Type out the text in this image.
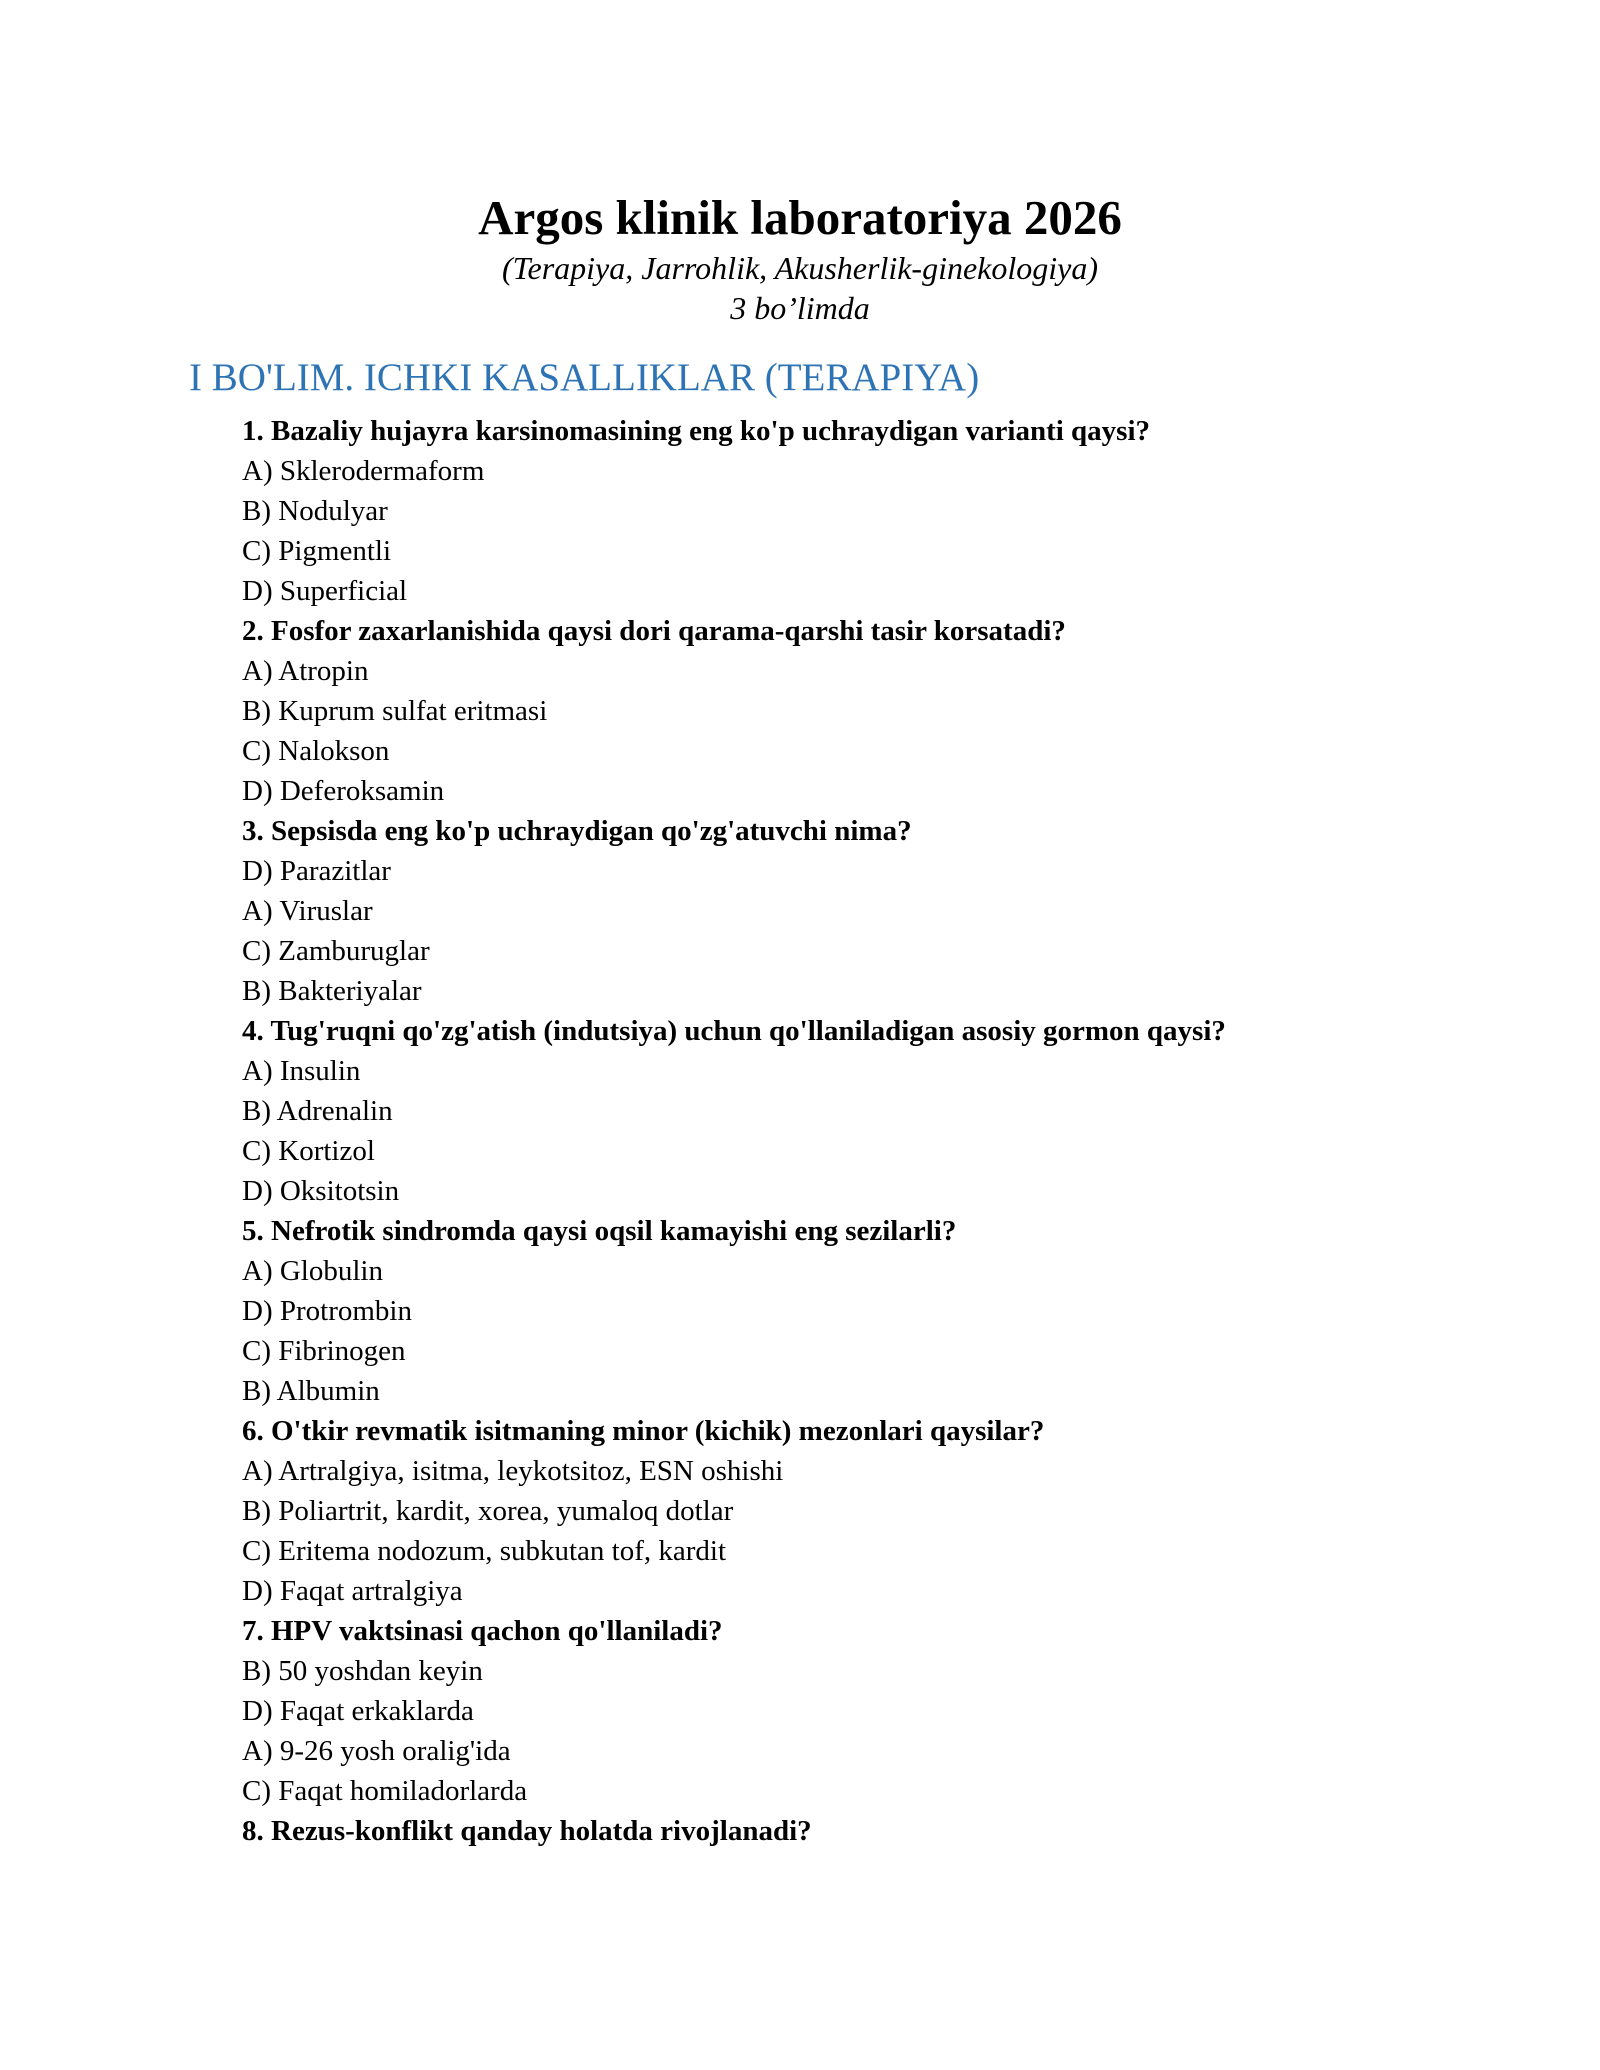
Argos klinik laboratoriya 2026
(Terapiya, Jarrohlik, Akusherlik-ginekologiya)
3 bo’limda
I BO'LIM. ICHKI KASALLIKLAR (TERAPIYA)

1. Bazaliy hujayra karsinomasining eng ko'p uchraydigan varianti qaysi?

A) Sklerodermaform

B) Nodulyar

C) Pigmentli

D) Superficial

2. Fosfor zaxarlanishida qaysi dori qarama-qarshi tasir korsatadi?

A) Atropin

B) Kuprum sulfat eritmasi

C) Nalokson

D) Deferoksamin

3. Sepsisda eng ko'p uchraydigan qo'zg'atuvchi nima?

D) Parazitlar

A) Viruslar

C) Zamburuglar

B) Bakteriyalar

4. Tug'ruqni qo'zg'atish (indutsiya) uchun qo'llaniladigan asosiy gormon qaysi?

A) Insulin

B) Adrenalin

C) Kortizol

D) Oksitotsin

5. Nefrotik sindromda qaysi oqsil kamayishi eng sezilarli?

A) Globulin

D) Protrombin

C) Fibrinogen

B) Albumin

6. O'tkir revmatik isitmaning minor (kichik) mezonlari qaysilar?

A) Artralgiya, isitma, leykotsitoz, ESN oshishi

B) Poliartrit, kardit, xorea, yumaloq dotlar

C) Eritema nodozum, subkutan tof, kardit

D) Faqat artralgiya

7. HPV vaktsinasi qachon qo'llaniladi?

B) 50 yoshdan keyin

D) Faqat erkaklarda

A) 9-26 yosh oralig'ida

C) Faqat homiladorlarda

8. Rezus-konflikt qanday holatda rivojlanadi?
